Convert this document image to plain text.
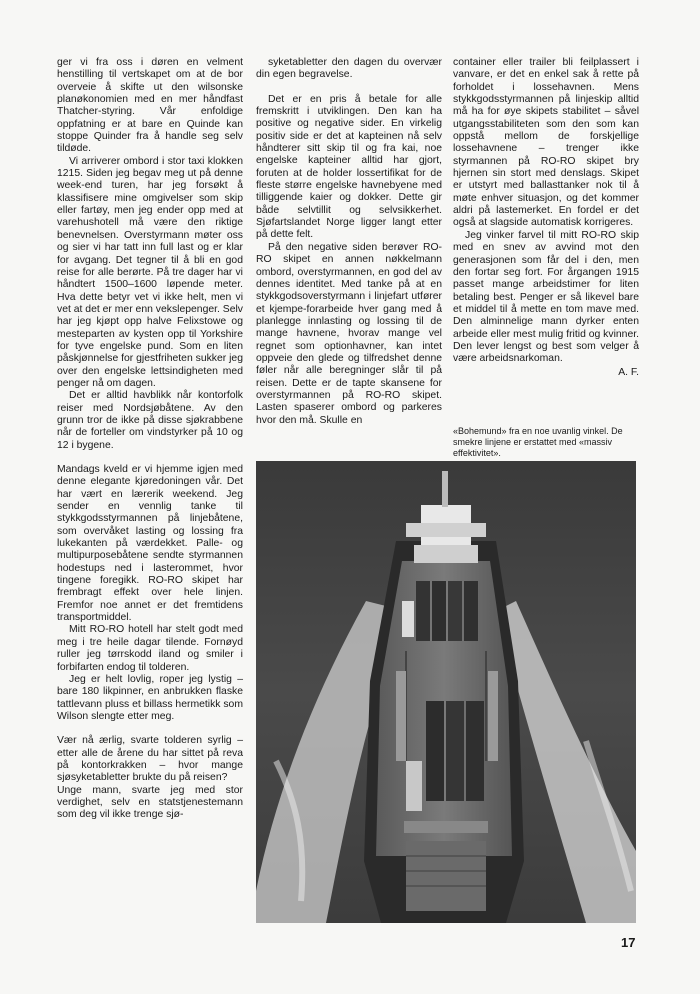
ger vi fra oss i døren en velment henstilling til vertskapet om at de bor overveie å skifte ut den wilsonske planøkonomien med en mer håndfast Thatcher-styring. Vår enfoldige oppfatning er at bare en Quinde kan stoppe Quinder fra å handle seg selv tildøde.

Vi arriverer ombord i stor taxi klokken 1215. Siden jeg begav meg ut på denne week-end turen, har jeg forsøkt å klassifisere mine omgivelser som skip eller fartøy, men jeg ender opp med at varehushotell må være den riktige benevnelsen. Overstyrmann møter oss og sier vi har tatt inn full last og er klar for avgang. Det tegner til å bli en god reise for alle berørte. På tre dager har vi håndtert 1500–1600 løpende meter. Hva dette betyr vet vi ikke helt, men vi vet at det er mer enn vekslepenger. Selv har jeg kjøpt opp halve Felixstowe og mesteparten av kysten opp til Yorkshire for tyve engelske pund. Som en liten påskjønnelse for gjestfriheten sukker jeg over den engelske lettsindigheten med penger nå om dagen.

Det er alltid havblikk når kontorfolk reiser med Nordsjøbåtene. Av den grunn tror de ikke på disse sjøkrabbene når de forteller om vindstyrker på 10 og 12 i bygene.

Mandags kveld er vi hjemme igjen med denne elegante kjøredoningen vår. Det har vært en lærerik weekend. Jeg sender en vennlig tanke til stykkgodsstyrmannen på linjebåtene, som overvåket lasting og lossing fra lukekanten på værdekket. Palle- og multipurposebåtene sendte styrmannen hodestups ned i lasterommet, hvor tingene foregikk. RO-RO skipet har frembragt effekt over hele linjen. Fremfor noe annet er det fremtidens transportmiddel.

Mitt RO-RO hotell har stelt godt med meg i tre heile dagar tilende. Fornøyd ruller jeg tørrskodd iland og smiler i forbifarten endog til tolderen.

Jeg er helt lovlig, roper jeg lystig – bare 180 likpinner, en anbrukken flaske tattlevann pluss et billass hermetikk som Wilson slengte etter meg.

Vær nå ærlig, svarte tolderen syrlig – etter alle de årene du har sittet på reva på kontorkrakken – hvor mange sjøsyketabletter brukte du på reisen?

Unge mann, svarte jeg med stor verdighet, selv en statstjenestemann som deg vil ikke trenge sjø-

syketabletter den dagen du overvær din egen begravelse.

Det er en pris å betale for alle fremskritt i utviklingen. Den kan ha positive og negative sider. En virkelig positiv side er det at kapteinen nå selv håndterer sitt skip til og fra kai, noe engelske kapteiner alltid har gjort, foruten at de holder lossertifikat for de fleste større engelske havnebyene med tilliggende kaier og dokker. Dette gir både selvtillit og selvsikkerhet. Sjøfartslandet Norge ligger langt etter på dette felt.

På den negative siden berøver RO-RO skipet en annen nøkkelmann ombord, overstyrmannen, en god del av dennes identitet. Med tanke på at en stykkgodsoverstyrmann i linjefart utfører et kjempe-forarbeide hver gang med å planlegge innlasting og lossing til de mange havnene, hvorav mange vel regnet som optionhavner, kan intet oppveie den glede og tilfredshet denne føler når alle beregninger slår til på reisen. Dette er de tapte skansene for overstyrmannen på RO-RO skipet. Lasten spaserer ombord og parkeres hvor den må. Skulle en

container eller trailer bli feilplassert i vanvare, er det en enkel sak å rette på forholdet i lossehavnen. Mens stykkgodsstyrmannen på linjeskip alltid må ha for øye skipets stabilitet – såvel utgangsstabiliteten som den som kan oppstå mellom de forskjellige lossehavnene – trenger ikke styrmannen på RO-RO skipet bry hjernen sin stort med denslags. Skipet er utstyrt med ballasttanker nok til å møte enhver situasjon, og det kommer aldri på lastemerket. En fordel er det også at slagside automatisk korrigeres.

Jeg vinker farvel til mitt RO-RO skip med en snev av avvind mot den generasjonen som får del i den, men den fortar seg fort. For årgangen 1915 passet mange arbeidstimer for liten betaling best. Penger er så likevel bare et middel til å mette en tom mave med. Den alminnelige mann dyrker enten arbeide eller mest mulig fritid og kvinner. Den lever lengst og best som velger å være arbeidsnarkoman.

A. F.
«Bohemund» fra en noe uvanlig vinkel. De smekre linjene er erstattet med «massiv effektivitet».
17
